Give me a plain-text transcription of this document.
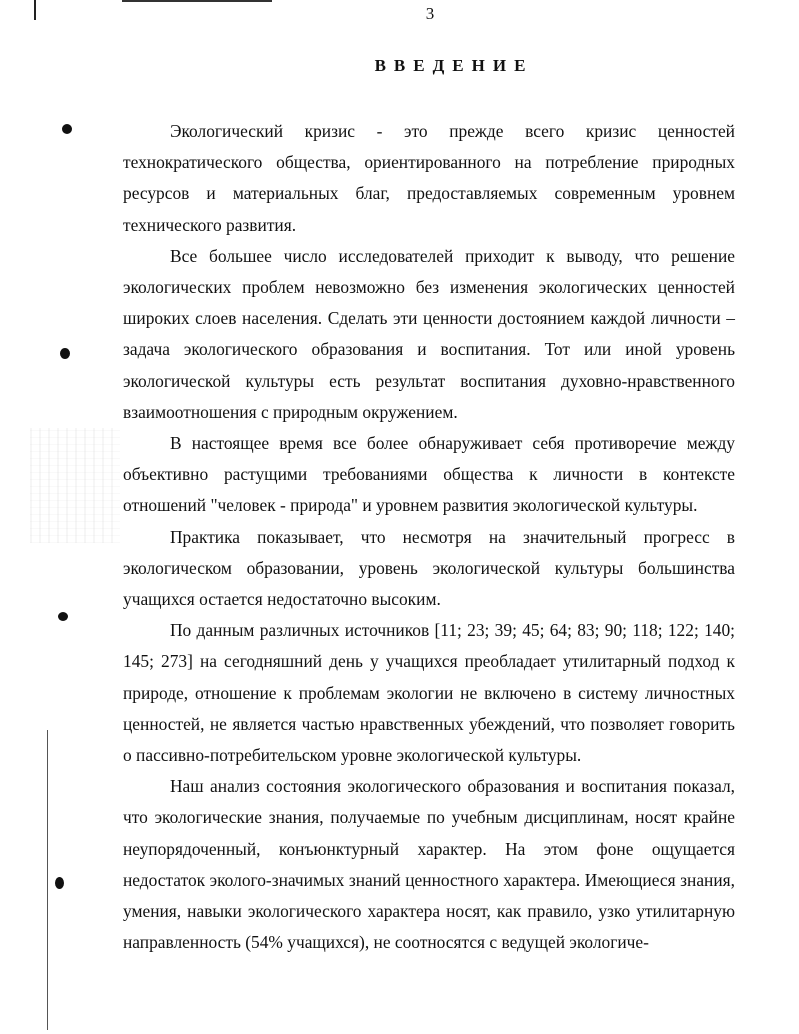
3
ВВЕДЕНИЕ

Экологический кризис - это прежде всего кризис ценностей технократического общества, ориентированного на потребление природных ресурсов и материальных благ, предоставляемых современным уровнем технического развития.

Все большее число исследователей приходит к выводу, что решение экологических проблем невозможно без изменения экологических ценностей широких слоев населения. Сделать эти ценности достоянием каждой личности – задача экологического образования и воспитания. Тот или иной уровень экологической культуры есть результат воспитания духовно-нравственного взаимоотношения с природным окружением.

В настоящее время все более обнаруживает себя противоречие между объективно растущими требованиями общества к личности в контексте отношений "человек - природа" и уровнем развития экологической культуры.

Практика показывает, что несмотря на значительный прогресс в экологическом образовании, уровень экологической культуры большинства учащихся остается недостаточно высоким.

По данным различных источников [11; 23; 39; 45; 64; 83; 90; 118; 122; 140; 145; 273] на сегодняшний день у учащихся преобладает утилитарный подход к природе, отношение к проблемам экологии не включено в систему личностных ценностей, не является частью нравственных убеждений, что позволяет говорить о пассивно-потребительском уровне экологической культуры.

Наш анализ состояния экологического образования и воспитания показал, что экологические знания, получаемые по учебным дисциплинам, носят крайне неупорядоченный, конъюнктурный характер. На этом фоне ощущается недостаток эколого-значимых знаний ценностного характера. Имеющиеся знания, умения, навыки экологического характера носят, как правило, узко утилитарную направленность (54% учащихся), не соотносятся с ведущей экологиче-
